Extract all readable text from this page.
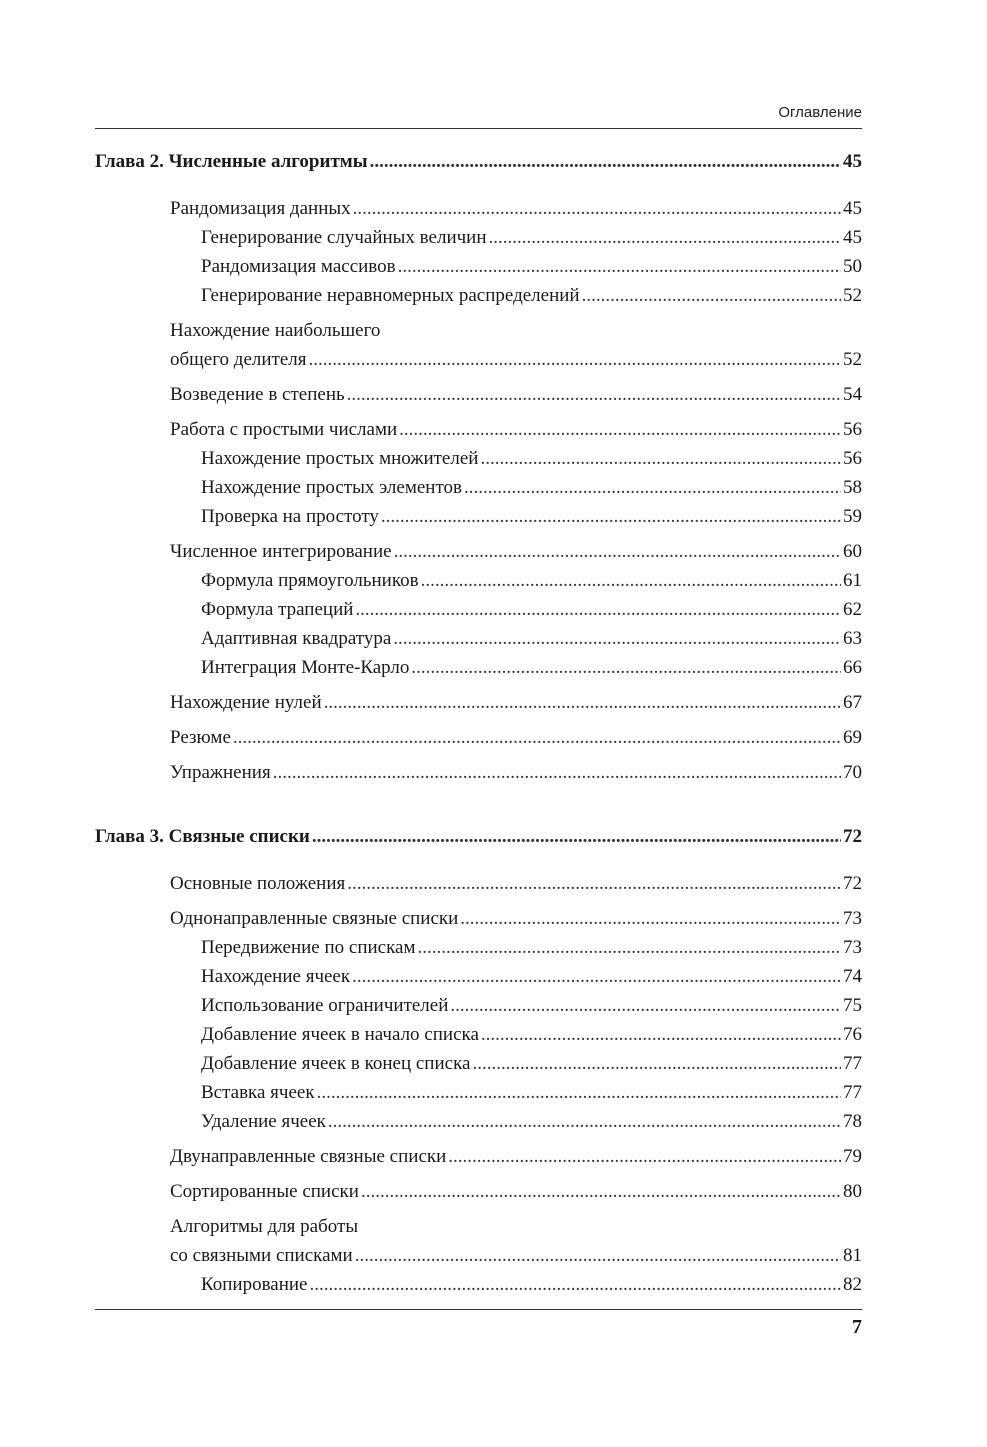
Оглавление
Глава 2. Численные алгоритмы .....	45
Рандомизация данных .....	45
Генерирование случайных величин .....	45
Рандомизация массивов .....	50
Генерирование неравномерных распределений .....	52
Нахождение наибольшего
общего делителя .....	52
Возведение в степень .....	54
Работа с простыми числами .....	56
Нахождение простых множителей .....	56
Нахождение простых элементов .....	58
Проверка на простоту .....	59
Численное интегрирование .....	60
Формула прямоугольников .....	61
Формула трапеций .....	62
Адаптивная квадратура .....	63
Интеграция Монте-Карло .....	66
Нахождение нулей .....	67
Резюме .....	69
Упражнения .....	70
Глава 3. Связные списки .....	72
Основные положения .....	72
Однонаправленные связные списки .....	73
Передвижение по спискам .....	73
Нахождение ячеек .....	74
Использование ограничителей .....	75
Добавление ячеек в начало списка .....	76
Добавление ячеек в конец списка .....	77
Вставка ячеек .....	77
Удаление ячеек .....	78
Двунаправленные связные списки .....	79
Сортированные списки .....	80
Алгоритмы для работы
со связными списками .....	81
Копирование .....	82
7
